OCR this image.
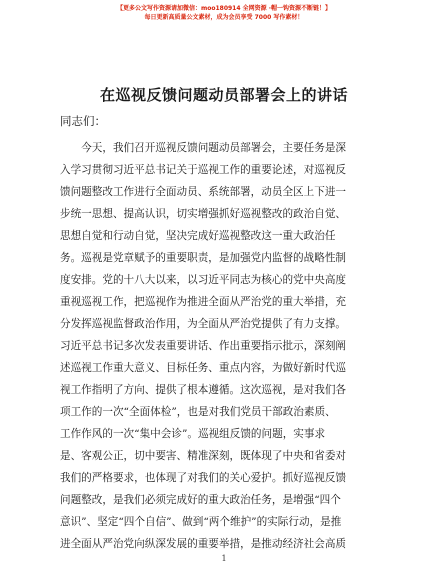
【更多公文写作资源请加微信：moo180914 全网资源 ·帽一钩资源不断链！】
每日更新高质量公文素材，成为会员享受 7000 写作素材！
在巡视反馈问题动员部署会上的讲话
同志们：
　　今天，我们召开巡视反馈问题动员部署会，主要任务是深
入学习贯彻习近平总书记关于巡视工作的重要论述，对巡视反
馈问题整改工作进行全面动员、系统部署，动员全区上下进一
步统一思想、提高认识，切实增强抓好巡视整改的政治自觉、
思想自觉和行动自觉，坚决完成好巡视整改这一重大政治任
务。巡视是党章赋予的重要职责，是加强党内监督的战略性制
度安排。党的十八大以来，以习近平同志为核心的党中央高度
重视巡视工作，把巡视作为推进全面从严治党的重大举措，充
分发挥巡视监督政治作用，为全面从严治党提供了有力支撑。
习近平总书记多次发表重要讲话、作出重要指示批示，深刻阐
述巡视工作重大意义、目标任务、重点内容，为做好新时代巡
视工作指明了方向、提供了根本遵循。这次巡视，是对我们各
项工作的一次“全面体检”，也是对我们党员干部政治素质、
工作作风的一次“集中会诊”。巡视组反馈的问题，实事求
是、客观公正，切中要害、精准深刻，既体现了中央和省委对
我们的严格要求，也体现了对我们的关心爱护。抓好巡视反馈
问题整改，是我们必须完成好的重大政治任务，是增强“四个
意识”、坚定“四个自信”、做到“两个维护”的实际行动，是推
进全面从严治党向纵深发展的重要举措，是推动经济社会高质
1
